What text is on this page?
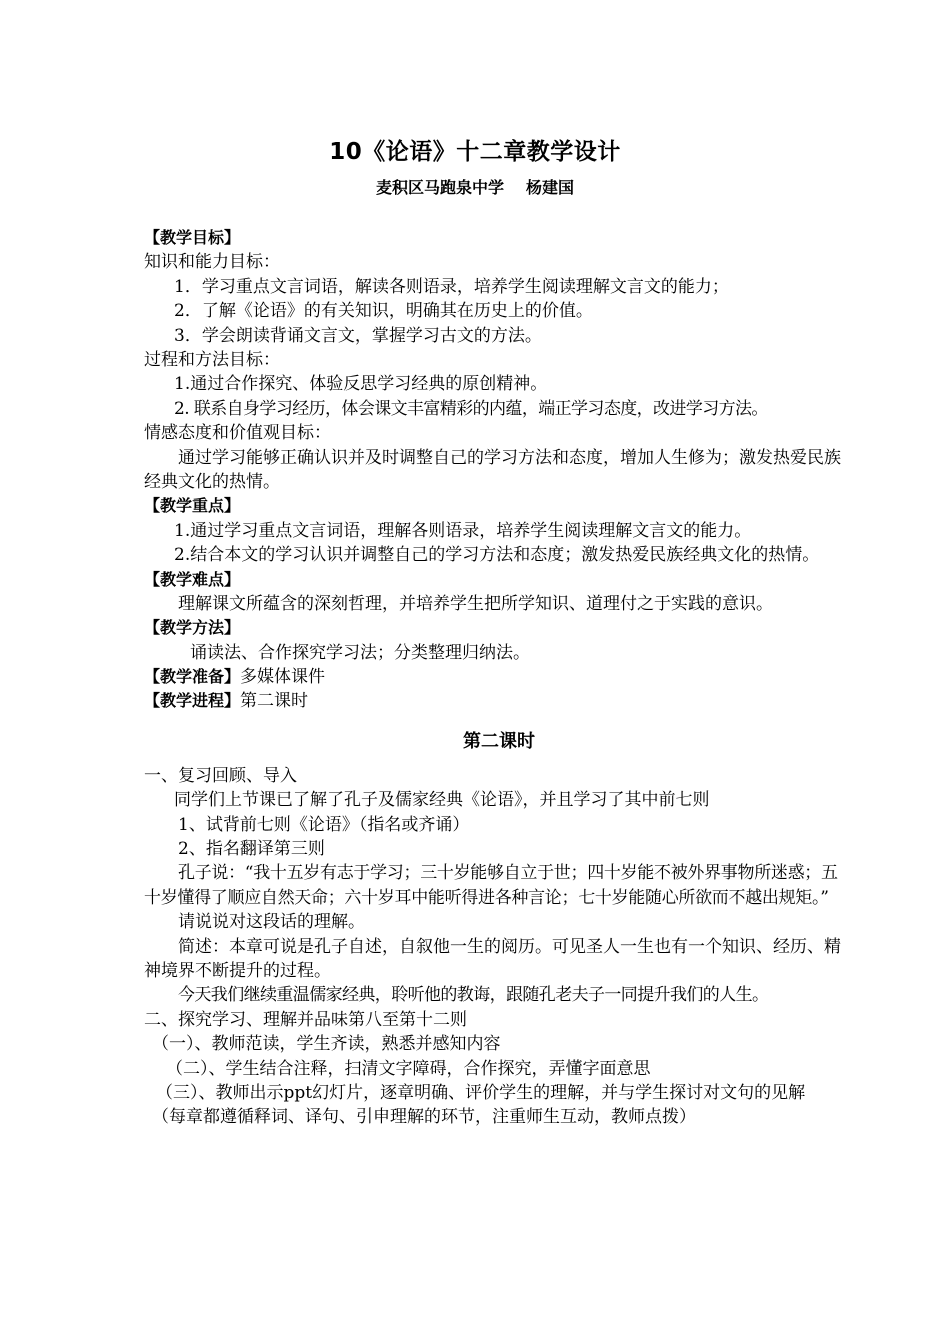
10《论语》十二章教学设计
麦积区马跑泉中学 杨建国
【教学目标】
知识和能力目标：
1．学习重点文言词语，解读各则语录，培养学生阅读理解文言文的能力；
2．了解《论语》的有关知识，明确其在历史上的价值。
3．学会朗读背诵文言文，掌握学习古文的方法。
过程和方法目标：
1.通过合作探究、体验反思学习经典的原创精神。
2. 联系自身学习经历，体会课文丰富精彩的内蕴，端正学习态度，改进学习方法。
情感态度和价值观目标：
通过学习能够正确认识并及时调整自己的学习方法和态度，增加人生修为；激发热爱民族经典文化的热情。
【教学重点】
1.通过学习重点文言词语，理解各则语录，培养学生阅读理解文言文的能力。
2.结合本文的学习认识并调整自己的学习方法和态度；激发热爱民族经典文化的热情。
【教学难点】
理解课文所蕴含的深刻哲理，并培养学生把所学知识、道理付之于实践的意识。
【教学方法】
诵读法、合作探究学习法；分类整理归纳法。
【教学准备】多媒体课件
【教学进程】第二课时
第二课时
一、复习回顾、导入
同学们上节课已了解了孔子及儒家经典《论语》，并且学习了其中前七则
1、试背前七则《论语》（指名或齐诵）
2、指名翻译第三则
孔子说：“我十五岁有志于学习；三十岁能够自立于世；四十岁能不被外界事物所迷惑；五十岁懂得了顺应自然天命；六十岁耳中能听得进各种言论；七十岁能随心所欲而不越出规矩。”
请说说对这段话的理解。
简述：本章可说是孔子自述，自叙他一生的阅历。可见圣人一生也有一个知识、经历、精神境界不断提升的过程。
今天我们继续重温儒家经典，聆听他的教诲，跟随孔老夫子一同提升我们的人生。
二、探究学习、理解并品味第八至第十二则
（一）、教师范读，学生齐读，熟悉并感知内容
（二）、学生结合注释，扫清文字障碍，合作探究，弄懂字面意思
（三）、教师出示ppt幻灯片，逐章明确、评价学生的理解，并与学生探讨对文句的见解
（每章都遵循释词、译句、引申理解的环节，注重师生互动，教师点拨）
